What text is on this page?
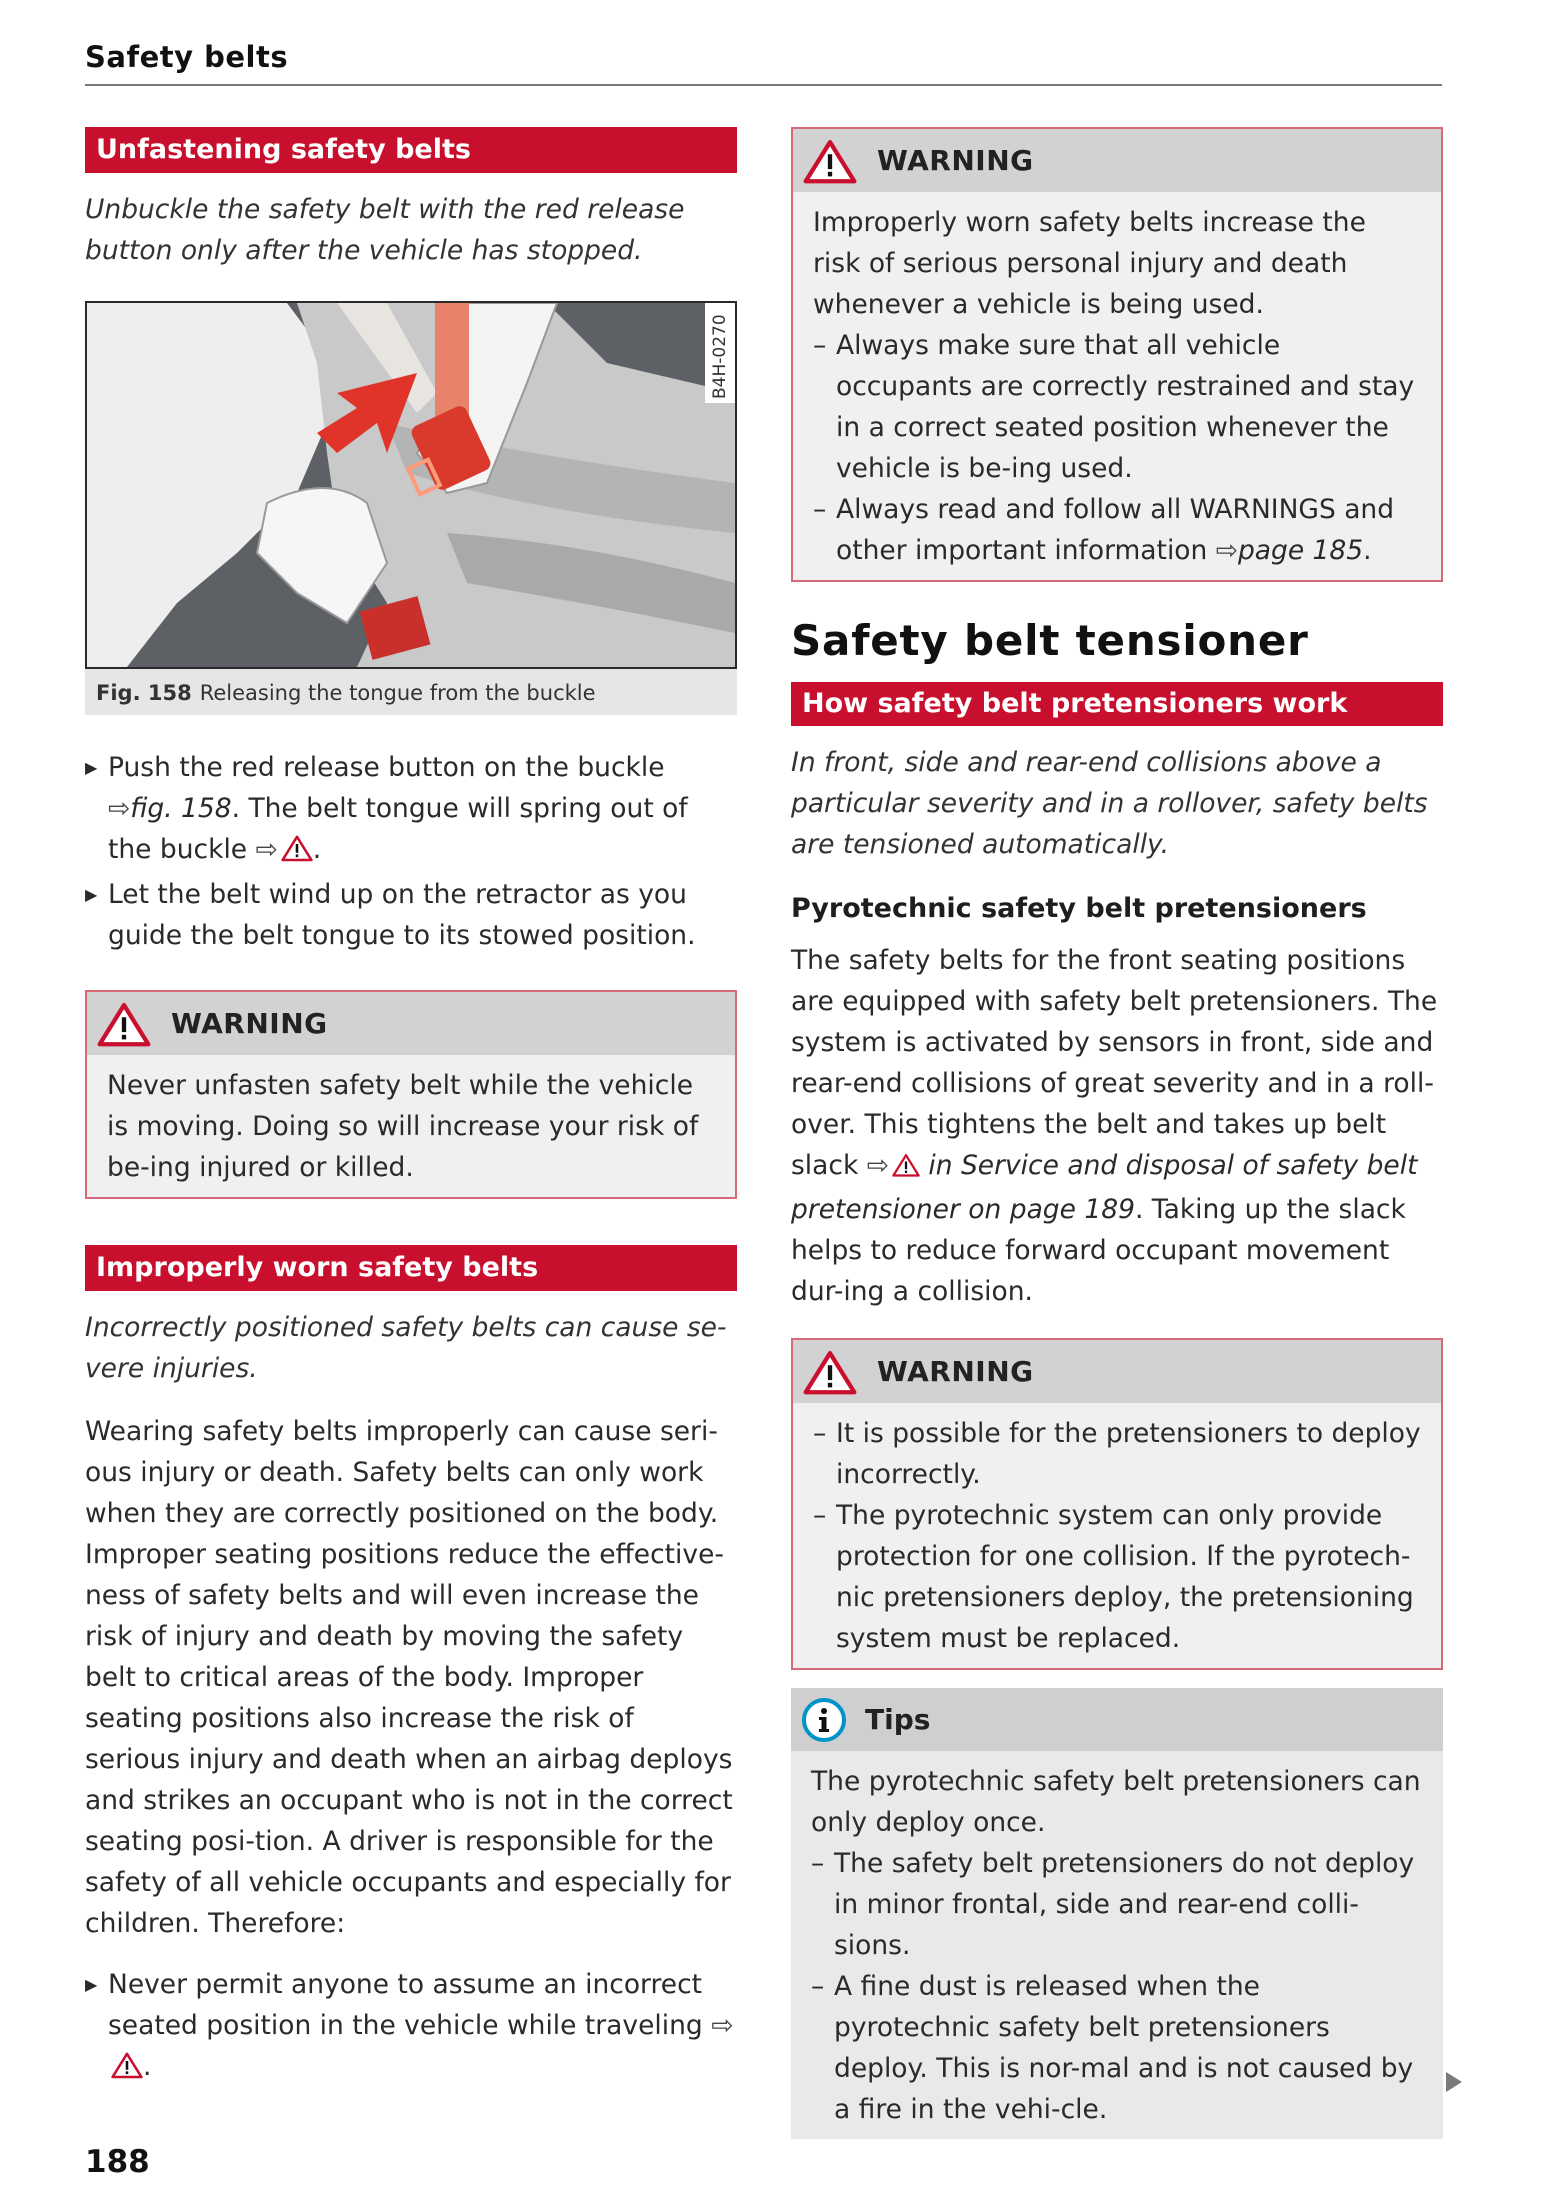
Safety belts
Unfastening safety belts

Unbuckle the safety belt with the red release button only after the vehicle has stopped.

B4H-0270
Fig. 158 Releasing the tongue from the buckle
▶ Push the red release button on the buckle ⇨fig. 158. The belt tongue will spring out of the buckle ⇨ .
▶ Let the belt wind up on the retractor as you guide the belt tongue to its stowed position.
WARNING
Never unfasten safety belt while the vehicle is moving. Doing so will increase your risk of be-ing injured or killed.
Improperly worn safety belts

Incorrectly positioned safety belts can cause se-vere injuries.

Wearing safety belts improperly can cause seri-ous injury or death. Safety belts can only work when they are correctly positioned on the body. Improper seating positions reduce the effective-ness of safety belts and will even increase the risk of injury and death by moving the safety belt to critical areas of the body. Improper seating positions also increase the risk of serious injury and death when an airbag deploys and strikes an occupant who is not in the correct seating posi-tion. A driver is responsible for the safety of all vehicle occupants and especially for children. Therefore:

▶ Never permit anyone to assume an incorrect seated position in the vehicle while traveling ⇨.
WARNING
Improperly worn safety belts increase the risk of serious personal injury and death whenever a vehicle is being used.
– Always make sure that all vehicle occupants are correctly restrained and stay in a correct seated position whenever the vehicle is be-ing used.
– Always read and follow all WARNINGS and other important information ⇨page 185.
Safety belt tensioner
How safety belt pretensioners work

In front, side and rear-end collisions above a particular severity and in a rollover, safety belts are tensioned automatically.

Pyrotechnic safety belt pretensioners

The safety belts for the front seating positions are equipped with safety belt pretensioners. The system is activated by sensors in front, side and rear-end collisions of great severity and in a roll-over. This tightens the belt and takes up belt slack ⇨ in Service and disposal of safety belt pretensioner on page 189. Taking up the slack helps to reduce forward occupant movement dur-ing a collision.

WARNING
– It is possible for the pretensioners to deploy incorrectly.
– The pyrotechnic system can only provide protection for one collision. If the pyrotech-nic pretensioners deploy, the pretensioning system must be replaced.
Tips
The pyrotechnic safety belt pretensioners can only deploy once.
– The safety belt pretensioners do not deploy in minor frontal, side and rear-end colli-sions.
– A fine dust is released when the pyrotechnic safety belt pretensioners deploy. This is nor-mal and is not caused by a fire in the vehi-cle.
188
